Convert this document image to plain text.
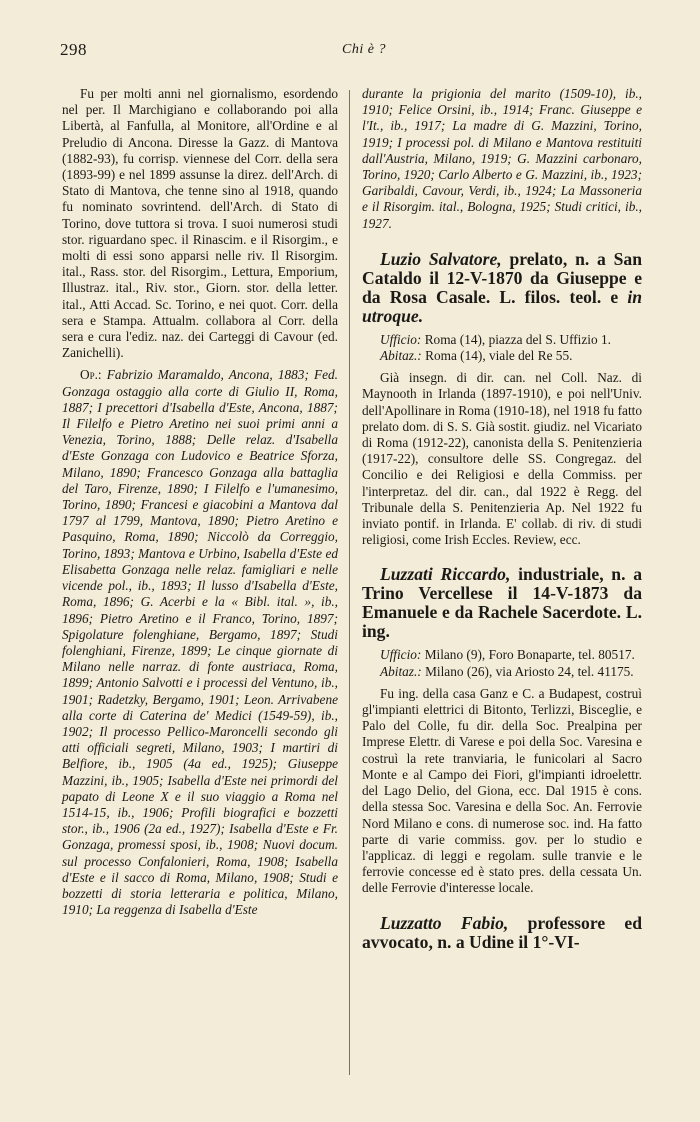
298	Chi è ?

Fu per molti anni nel giornalismo, esordendo nel per. Il Marchigiano e collaborando poi alla Libertà, al Fanfulla, al Monitore, all'Ordine e al Preludio di Ancona. Diresse la Gazz. di Mantova (1882-93), fu corrisp. viennese del Corr. della sera (1893-99) e nel 1899 assunse la direz. dell'Arch. di Stato di Mantova, che tenne sino al 1918, quando fu nominato sovrintend. dell'Arch. di Stato di Torino, dove tuttora si trova. I suoi numerosi studi stor. riguardano spec. il Rinascim. e il Risorgim., e molti di essi sono apparsi nelle riv. Il Risorgim. ital., Rass. stor. del Risorgim., Lettura, Emporium, Illustraz. ital., Riv. stor., Giorn. stor. della letter. ital., Atti Accad. Sc. Torino, e nei quot. Corr. della sera e Stampa. Attualm. collabora al Corr. della sera e cura l'ediz. naz. dei Carteggi di Cavour (ed. Zanichelli).

Op.: Fabrizio Maramaldo, Ancona, 1883; Fed. Gonzaga ostaggio alla corte di Giulio II, Roma, 1887; I precettori d'Isabella d'Este, Ancona, 1887; Il Filelfo e Pietro Aretino nei suoi primi anni a Venezia, Torino, 1888; Delle relaz. d'Isabella d'Este Gonzaga con Ludovico e Beatrice Sforza, Milano, 1890; Francesco Gonzaga alla battaglia del Taro, Firenze, 1890; I Filelfo e l'umanesimo, Torino, 1890; Francesi e giacobini a Mantova dal 1797 al 1799, Mantova, 1890; Pietro Aretino e Pasquino, Roma, 1890; Niccolò da Correggio, Torino, 1893; Mantova e Urbino, Isabella d'Este ed Elisabetta Gonzaga nelle relaz. famigliari e nelle vicende pol., ib., 1893; Il lusso d'Isabella d'Este, Roma, 1896; G. Acerbi e la « Bibl. ital. », ib., 1896; Pietro Aretino e il Franco, Torino, 1897; Spigolature folenghiane, Bergamo, 1897; Studi folenghiani, Firenze, 1899; Le cinque giornate di Milano nelle narraz. di fonte austriaca, Roma, 1899; Antonio Salvotti e i processi del Ventuno, ib., 1901; Radetzky, Bergamo, 1901; Leon. Arrivabene alla corte di Caterina de' Medici (1549-59), ib., 1902; Il processo Pellico-Maroncelli secondo gli atti officiali segreti, Milano, 1903; I martiri di Belfiore, ib., 1905 (4a ed., 1925); Giuseppe Mazzini, ib., 1905; Isabella d'Este nei primordi del papato di Leone X e il suo viaggio a Roma nel 1514-15, ib., 1906; Profili biografici e bozzetti stor., ib., 1906 (2a ed., 1927); Isabella d'Este e Fr. Gonzaga, promessi sposi, ib., 1908; Nuovi docum. sul processo Confalonieri, Roma, 1908; Isabella d'Este e il sacco di Roma, Milano, 1908; Studi e bozzetti di storia letteraria e politica, Milano, 1910; La reggenza di Isabella d'Este

durante la prigionia del marito (1509-10), ib., 1910; Felice Orsini, ib., 1914; Franc. Giuseppe e l'It., ib., 1917; La madre di G. Mazzini, Torino, 1919; I processi pol. di Milano e Mantova restituiti dall'Austria, Milano, 1919; G. Mazzini carbonaro, Torino, 1920; Carlo Alberto e G. Mazzini, ib., 1923; Garibaldi, Cavour, Verdi, ib., 1924; La Massoneria e il Risorgim. ital., Bologna, 1925; Studi critici, ib., 1927.

Luzio Salvatore, prelato, n. a San Cataldo il 12-V-1870 da Giuseppe e da Rosa Casale. L. filos. teol. e in utroque.

Ufficio: Roma (14), piazza del S. Uffizio 1.

Abitaz.: Roma (14), viale del Re 55.

Già insegn. di dir. can. nel Coll. Naz. di Maynooth in Irlanda (1897-1910), e poi nell'Univ. dell'Apollinare in Roma (1910-18), nel 1918 fu fatto prelato dom. di S. S. Già sostit. giudiz. nel Vicariato di Roma (1912-22), canonista della S. Penitenzieria (1917-22), consultore delle SS. Congregaz. del Concilio e dei Religiosi e della Commiss. per l'interpretaz. del dir. can., dal 1922 è Regg. del Tribunale della S. Penitenzieria Ap. Nel 1922 fu inviato pontif. in Irlanda. E' collab. di riv. di studi religiosi, come Irish Eccles. Review, ecc.

Luzzati Riccardo, industriale, n. a Trino Vercellese il 14-V-1873 da Emanuele e da Rachele Sacerdote. L. ing.

Ufficio: Milano (9), Foro Bonaparte, tel. 80517.

Abitaz.: Milano (26), via Ariosto 24, tel. 41175.

Fu ing. della casa Ganz e C. a Budapest, costruì gl'impianti elettrici di Bitonto, Terlizzi, Bisceglie, e Palo del Colle, fu dir. della Soc. Prealpina per Imprese Elettr. di Varese e poi della Soc. Varesina e costruì la rete tranviaria, le funicolari al Sacro Monte e al Campo dei Fiori, gl'impianti idroelettr. del Lago Delio, del Giona, ecc. Dal 1915 è cons. della stessa Soc. Varesina e della Soc. An. Ferrovie Nord Milano e cons. di numerose soc. ind. Ha fatto parte di varie commiss. gov. per lo studio e l'applicaz. di leggi e regolam. sulle tranvie e le ferrovie concesse ed è stato pres. della cessata Un. delle Ferrovie d'interesse locale.

Luzzatto Fabio, professore ed avvocato, n. a Udine il 1°-VI-
